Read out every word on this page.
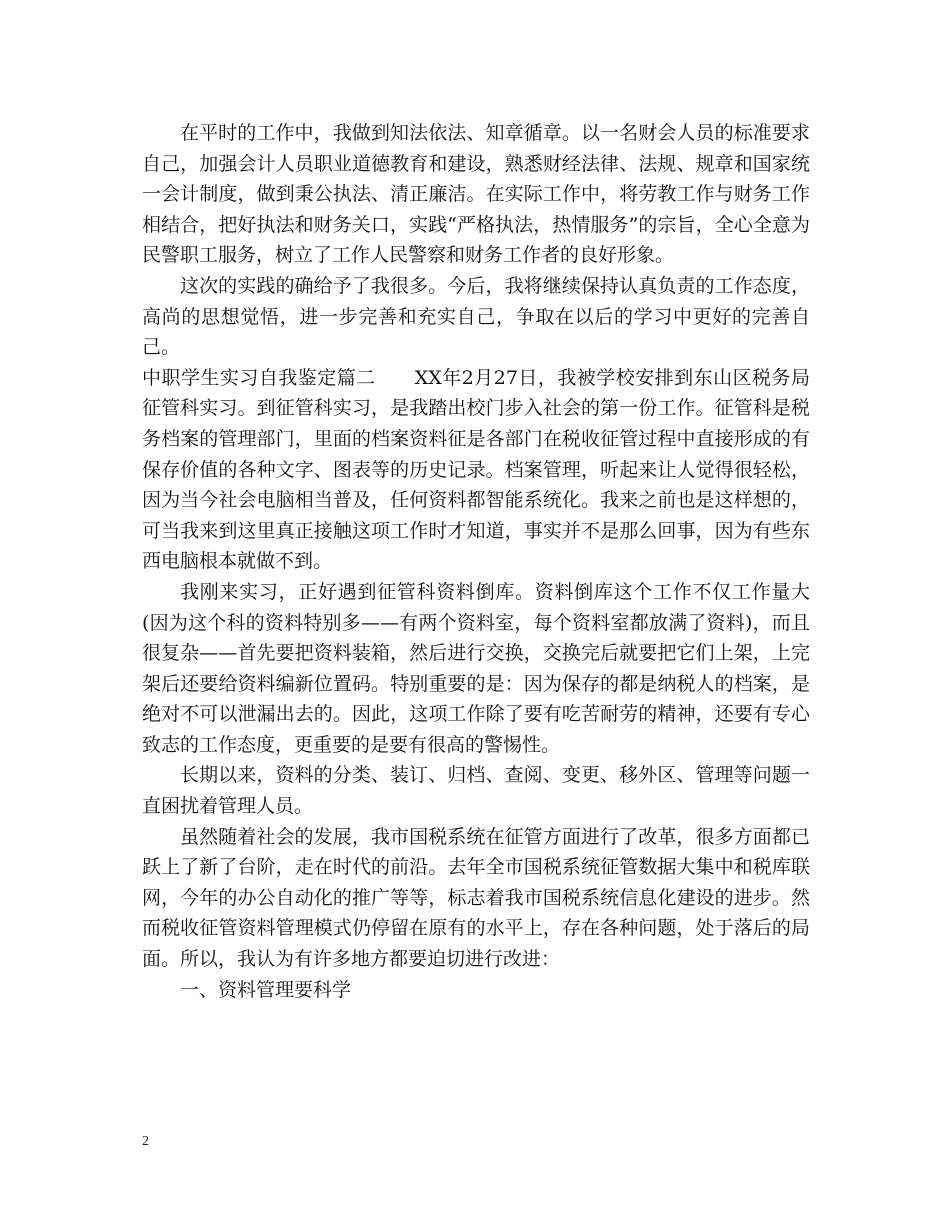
在平时的工作中，我做到知法依法、知章循章。以一名财会人员的标准要求自己，加强会计人员职业道德教育和建设，熟悉财经法律、法规、规章和国家统一会计制度，做到秉公执法、清正廉洁。在实际工作中，将劳教工作与财务工作相结合，把好执法和财务关口，实践“严格执法，热情服务”的宗旨，全心全意为民警职工服务，树立了工作人民警察和财务工作者的良好形象。

这次的实践的确给予了我很多。今后，我将继续保持认真负责的工作态度，高尚的思想觉悟，进一步完善和充实自己，争取在以后的学习中更好的完善自己。

中职学生实习自我鉴定篇二 XX年2月27日，我被学校安排到东山区税务局征管科实习。到征管科实习，是我踏出校门步入社会的第一份工作。征管科是税务档案的管理部门，里面的档案资料征是各部门在税收征管过程中直接形成的有保存价值的各种文字、图表等的历史记录。档案管理，听起来让人觉得很轻松，因为当今社会电脑相当普及，任何资料都智能系统化。我来之前也是这样想的，可当我来到这里真正接触这项工作时才知道，事实并不是那么回事，因为有些东西电脑根本就做不到。

我刚来实习，正好遇到征管科资料倒库。资料倒库这个工作不仅工作量大(因为这个科的资料特别多——有两个资料室，每个资料室都放满了资料)，而且很复杂——首先要把资料装箱，然后进行交换，交换完后就要把它们上架，上完架后还要给资料编新位置码。特别重要的是：因为保存的都是纳税人的档案，是绝对不可以泄漏出去的。因此，这项工作除了要有吃苦耐劳的精神，还要有专心致志的工作态度，更重要的是要有很高的警惕性。

长期以来，资料的分类、装订、归档、查阅、变更、移外区、管理等问题一直困扰着管理人员。

虽然随着社会的发展，我市国税系统在征管方面进行了改革，很多方面都已跃上了新了台阶，走在时代的前沿。去年全市国税系统征管数据大集中和税库联网，今年的办公自动化的推广等等，标志着我市国税系统信息化建设的进步。然而税收征管资料管理模式仍停留在原有的水平上，存在各种问题，处于落后的局面。所以，我认为有许多地方都要迫切进行改进：

一、资料管理要科学

2
